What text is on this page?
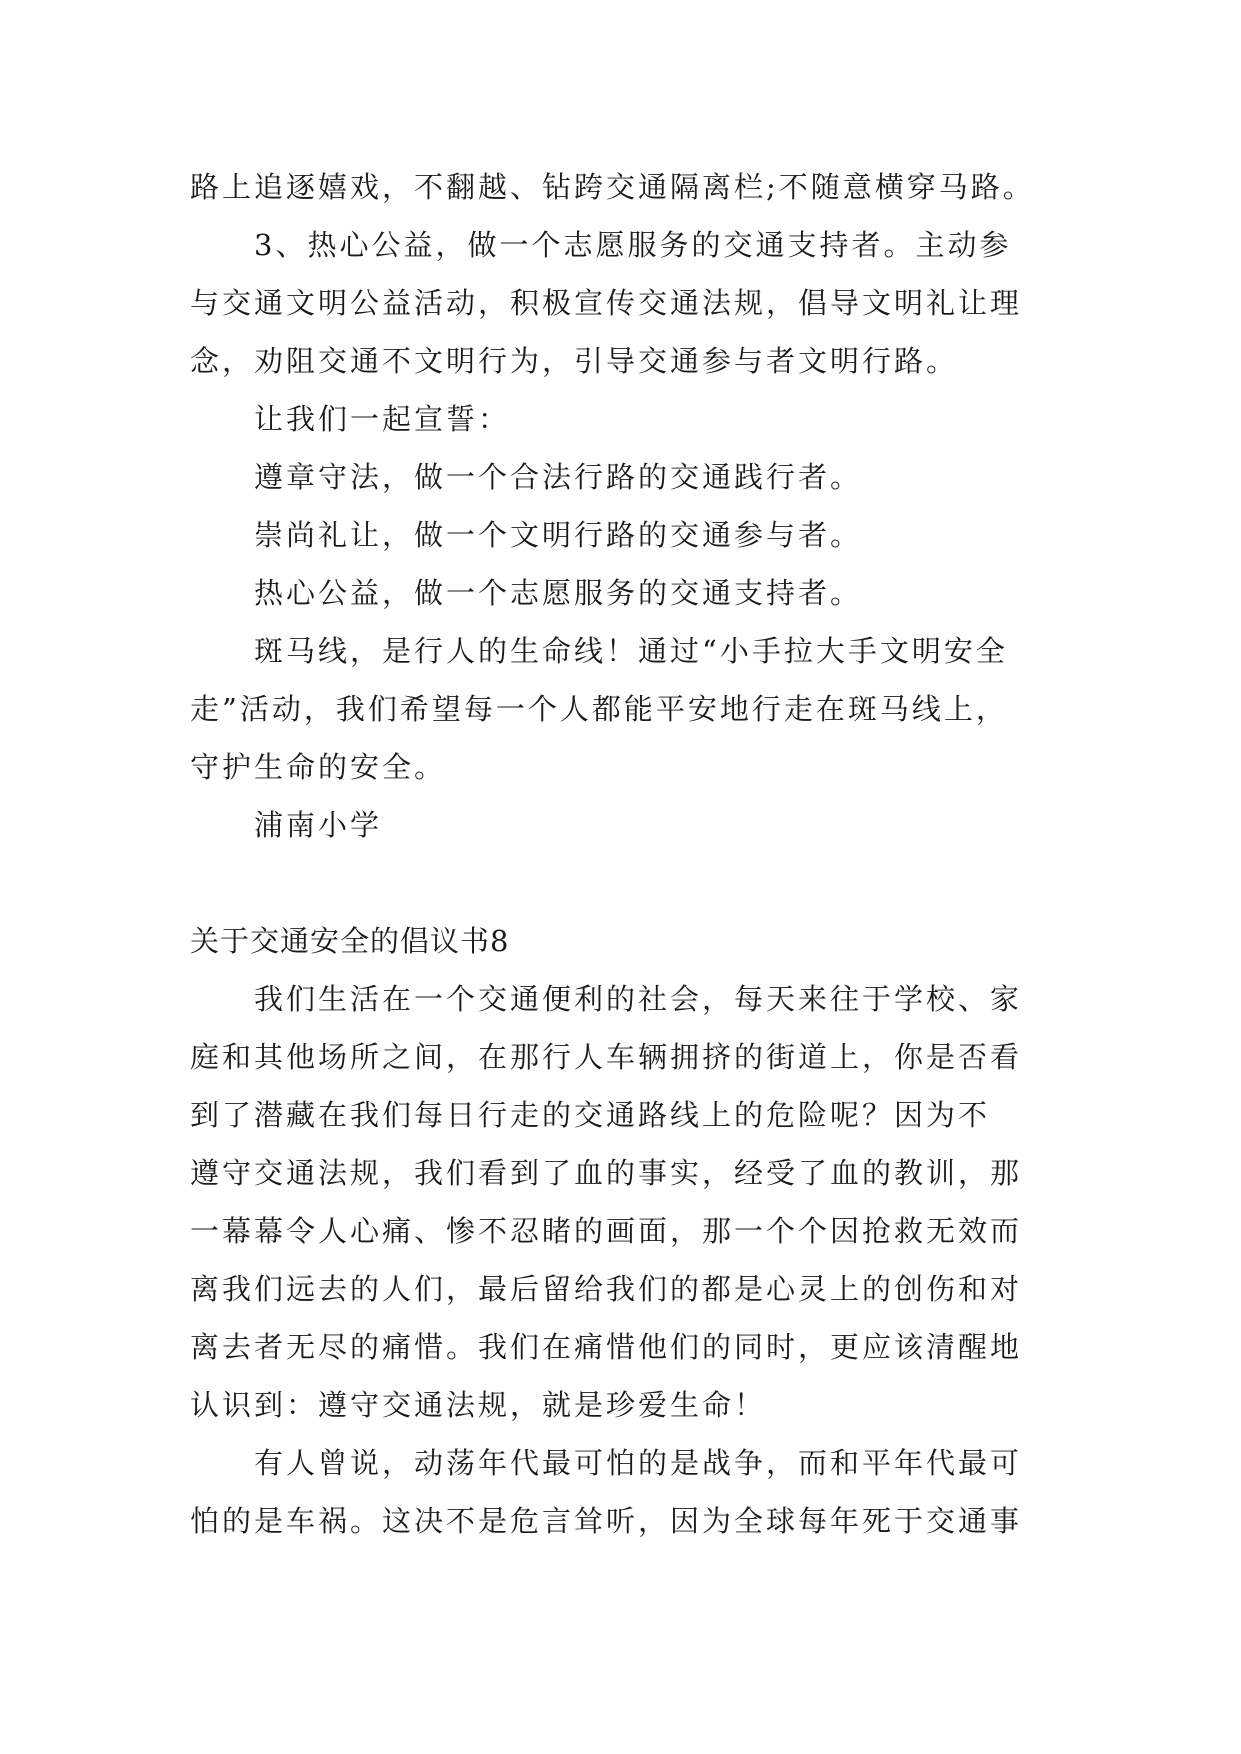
路上追逐嬉戏，不翻越、钻跨交通隔离栏;不随意横穿马路。
3、热心公益，做一个志愿服务的交通支持者。主动参
与交通文明公益活动，积极宣传交通法规，倡导文明礼让理
念，劝阻交通不文明行为，引导交通参与者文明行路。
让我们一起宣誓：
遵章守法，做一个合法行路的交通践行者。
崇尚礼让，做一个文明行路的交通参与者。
热心公益，做一个志愿服务的交通支持者。
斑马线，是行人的生命线！通过“小手拉大手文明安全
走”活动，我们希望每一个人都能平安地行走在斑马线上，
守护生命的安全。
浦南小学
关于交通安全的倡议书8
我们生活在一个交通便利的社会，每天来往于学校、家
庭和其他场所之间，在那行人车辆拥挤的街道上，你是否看
到了潜藏在我们每日行走的交通路线上的危险呢？因为不
遵守交通法规，我们看到了血的事实，经受了血的教训，那
一幕幕令人心痛、惨不忍睹的画面，那一个个因抢救无效而
离我们远去的人们，最后留给我们的都是心灵上的创伤和对
离去者无尽的痛惜。我们在痛惜他们的同时，更应该清醒地
认识到：遵守交通法规，就是珍爱生命！
有人曾说，动荡年代最可怕的是战争，而和平年代最可
怕的是车祸。这决不是危言耸听，因为全球每年死于交通事
